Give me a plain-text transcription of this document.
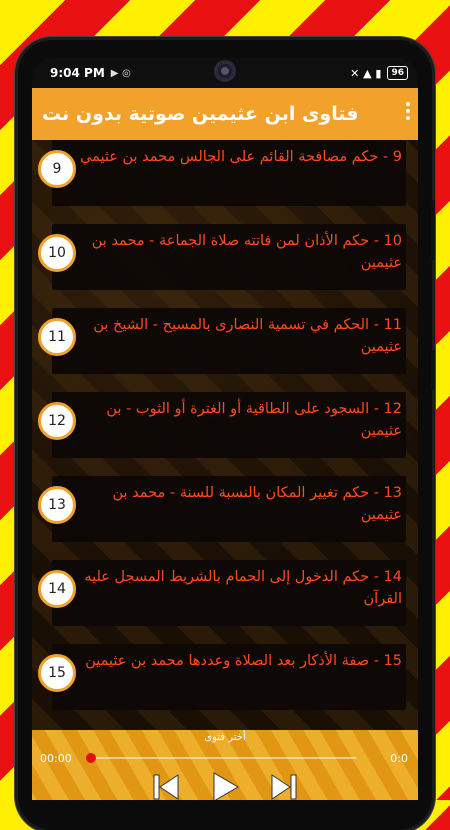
9:04 PM ▶ ◎	✕ ▲ ▮	96
فتاوى ابن عثيمين صوتية بدون نت
9
9 - حكم مصافحة القائم على الجالس محمد بن عثيمي
10
10 - حكم الأذان لمن فاتته صلاة الجماعة - محمد بن عثيمين
11
11 - الحكم في تسمية النصارى بالمسيح - الشيخ بن عثيمين
12
12 - السجود على الطاقية أو الغترة أو الثوب - بن عثيمين
13
13 - حكم تغيير المكان بالنسبة للسنة - محمد بن عثيمين
14
14 - حكم الدخول إلى الحمام بالشريط المسجل عليه القرآن
15
15 - صفة الأذكار بعد الصلاة وعددها محمد بن عثيمين
أختر فتوى
00:00	0:0
